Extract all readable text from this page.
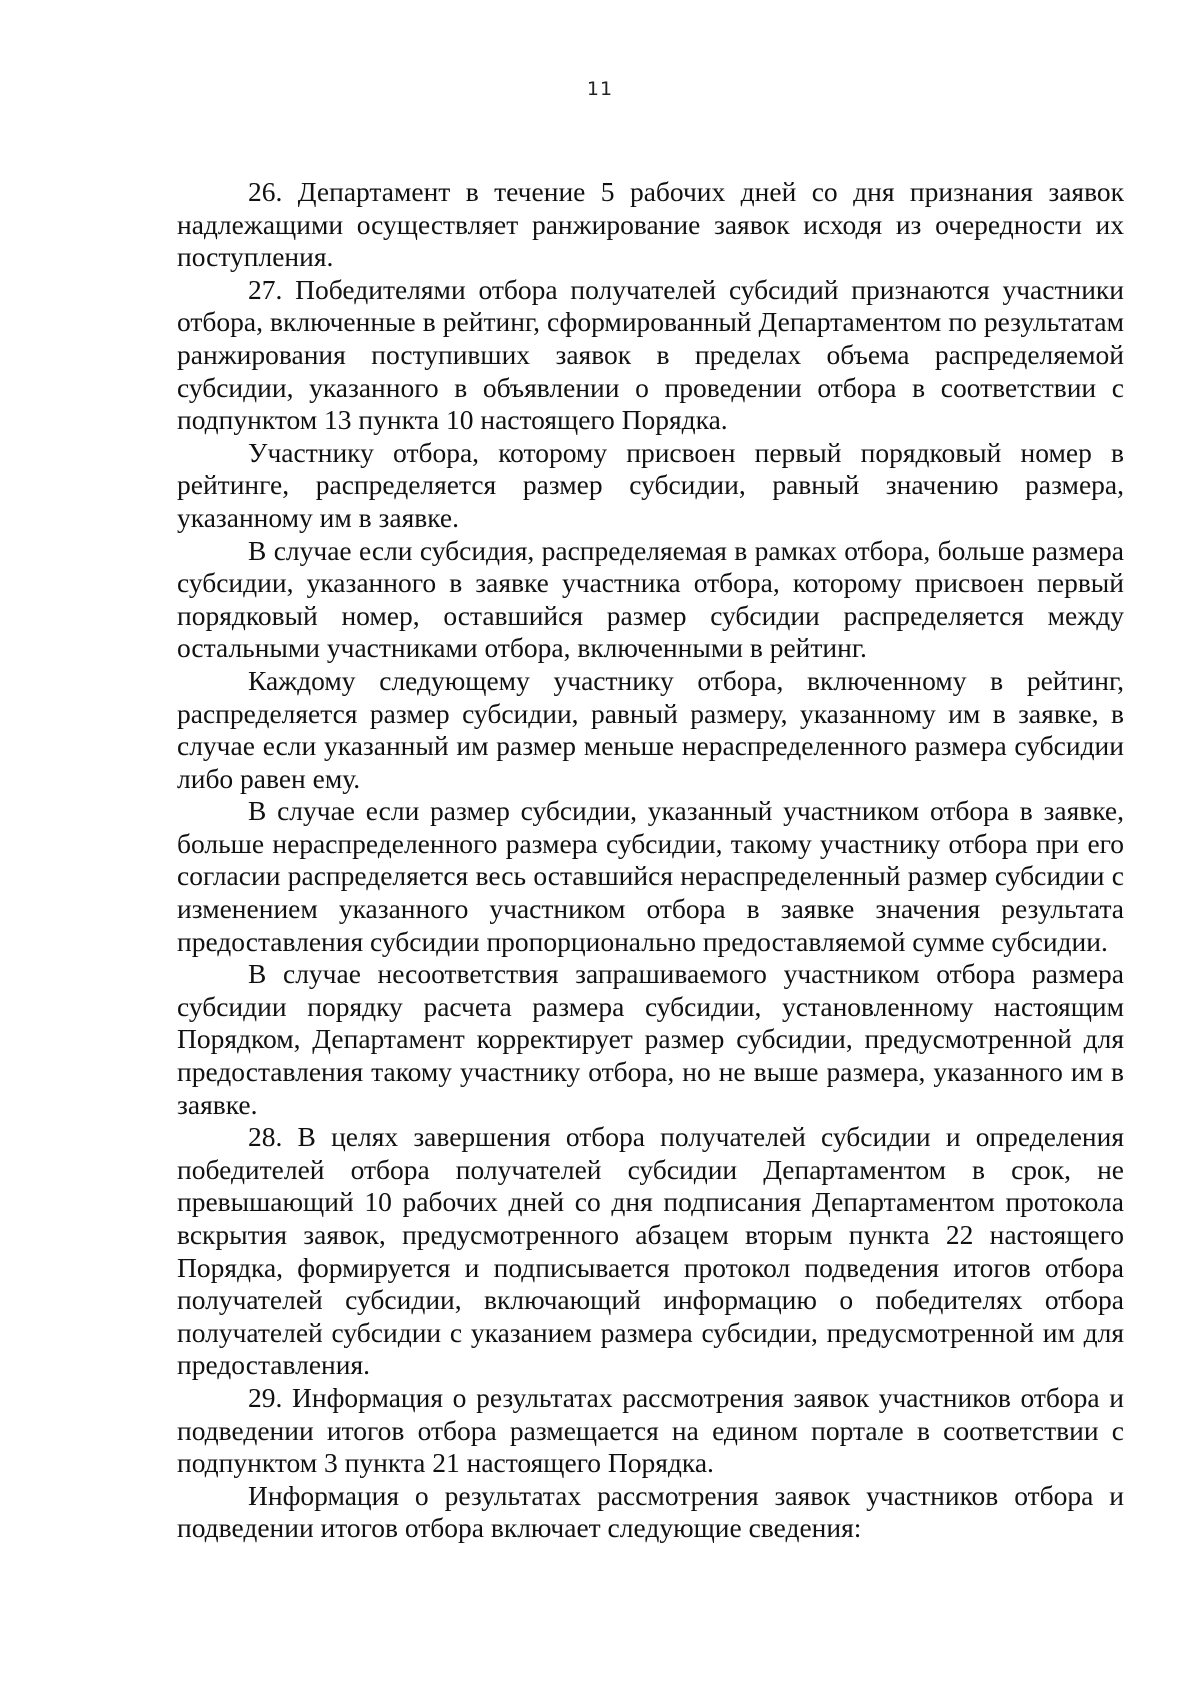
11

26. Департамент в течение 5 рабочих дней со дня признания заявок надлежащими осуществляет ранжирование заявок исходя из очередности их поступления.

27. Победителями отбора получателей субсидий признаются участники отбора, включенные в рейтинг, сформированный Департаментом по результатам ранжирования поступивших заявок в пределах объема распределяемой субсидии, указанного в объявлении о проведении отбора в соответствии с подпунктом 13 пункта 10 настоящего Порядка.

Участнику отбора, которому присвоен первый порядковый номер в рейтинге, распределяется размер субсидии, равный значению размера, указанному им в заявке.

В случае если субсидия, распределяемая в рамках отбора, больше размера субсидии, указанного в заявке участника отбора, которому присвоен первый порядковый номер, оставшийся размер субсидии распределяется между остальными участниками отбора, включенными в рейтинг.

Каждому следующему участнику отбора, включенному в рейтинг, распределяется размер субсидии, равный размеру, указанному им в заявке, в случае если указанный им размер меньше нераспределенного размера субсидии либо равен ему.

В случае если размер субсидии, указанный участником отбора в заявке, больше нераспределенного размера субсидии, такому участнику отбора при его согласии распределяется весь оставшийся нераспределенный размер субсидии с изменением указанного участником отбора в заявке значения результата предоставления субсидии пропорционально предоставляемой сумме субсидии.

В случае несоответствия запрашиваемого участником отбора размера субсидии порядку расчета размера субсидии, установленному настоящим Порядком, Департамент корректирует размер субсидии, предусмотренной для предоставления такому участнику отбора, но не выше размера, указанного им в заявке.

28. В целях завершения отбора получателей субсидии и определения победителей отбора получателей субсидии Департаментом в срок, не превышающий 10 рабочих дней со дня подписания Департаментом протокола вскрытия заявок, предусмотренного абзацем вторым пункта 22 настоящего Порядка, формируется и подписывается протокол подведения итогов отбора получателей субсидии, включающий информацию о победителях отбора получателей субсидии с указанием размера субсидии, предусмотренной им для предоставления.

29. Информация о результатах рассмотрения заявок участников отбора и подведении итогов отбора размещается на едином портале в соответствии с подпунктом 3 пункта 21 настоящего Порядка.

Информация о результатах рассмотрения заявок участников отбора и подведении итогов отбора включает следующие сведения:
